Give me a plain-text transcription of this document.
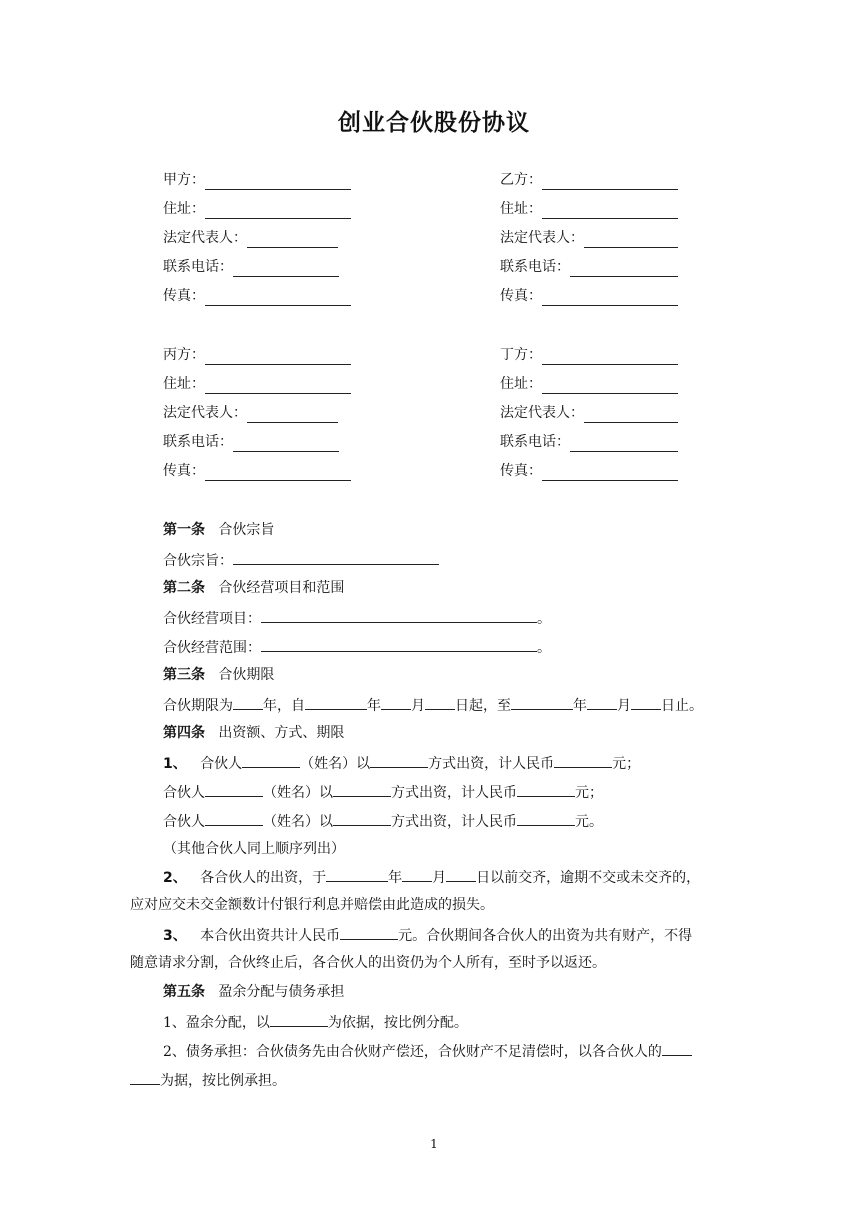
创业合伙股份协议
甲方：	乙方：
住址：	住址：
法定代表人：	法定代表人：
联系电话：	联系电话：
传真：	传真：
丙方：	丁方：
住址：	住址：
法定代表人：	法定代表人：
联系电话：	联系电话：
传真：	传真：
第一条 合伙宗旨
合伙宗旨：
第二条 合伙经营项目和范围
合伙经营项目：	。
合伙经营范围：	。
第三条 合伙期限
合伙期限为 年，自	年 月 日起，至	年 月 日止。
第四条 出资额、方式、期限
1、 合伙人	（姓名）以	方式出资，计人民币	元；
合伙人	（姓名）以	方式出资，计人民币	元；
合伙人	（姓名）以	方式出资，计人民币	元。
（其他合伙人同上顺序列出）
2、 各合伙人的出资，于	年 月 日以前交齐，逾期不交或未交齐的，
应对应交未交金额数计付银行利息并赔偿由此造成的损失。
3、 本合伙出资共计人民币	元。合伙期间各合伙人的出资为共有财产，不得
随意请求分割，合伙终止后，各合伙人的出资仍为个人所有，至时予以返还。
第五条 盈余分配与债务承担
1、盈余分配，以	为依据，按比例分配。
2、债务承担：合伙债务先由合伙财产偿还，合伙财产不足清偿时，以各合伙人的
为据，按比例承担。
1
